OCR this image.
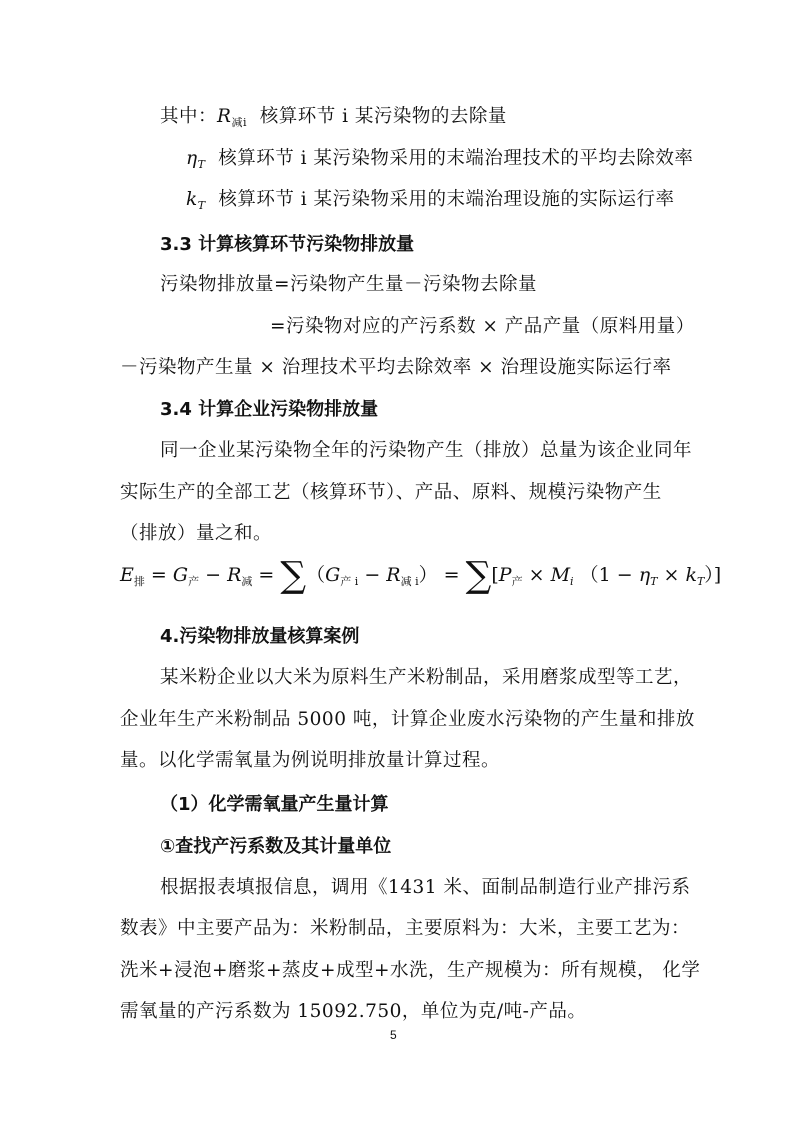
其中：$R_{减i}$ 核算环节 i 某污染物的去除量
$\eta_T$ 核算环节 i 某污染物采用的末端治理技术的平均去除效率
$k_T$ 核算环节 i 某污染物采用的末端治理设施的实际运行率
3.3 计算核算环节污染物排放量
污染物排放量=污染物产生量－污染物去除量
=污染物对应的产污系数 × 产品产量（原料用量）
－污染物产生量 × 治理技术平均去除效率 × 治理设施实际运行率
3.4 计算企业污染物排放量
同一企业某污染物全年的污染物产生（排放）总量为该企业同年
实际生产的全部工艺（核算环节）、产品、原料、规模污染物产生
（排放）量之和。
$E_排 = G_产 - R_减 = \sum(G_{产 i} - R_{减 i}) = \sum[P_产 \times M_i$ $(1 - \eta_T \times k_T)$]
4.污染物排放量核算案例
某米粉企业以大米为原料生产米粉制品，采用磨浆成型等工艺，
企业年生产米粉制品 5000 吨，计算企业废水污染物的产生量和排放
量。以化学需氧量为例说明排放量计算过程。
（1）化学需氧量产生量计算
①查找产污系数及其计量单位
根据报表填报信息，调用《1431 米、面制品制造行业产排污系
数表》中主要产品为：米粉制品，主要原料为：大米，主要工艺为：
洗米+浸泡+磨浆+蒸皮+成型+水洗，生产规模为：所有规模， 化学
需氧量的产污系数为 15092.750，单位为克/吨-产品。
5
